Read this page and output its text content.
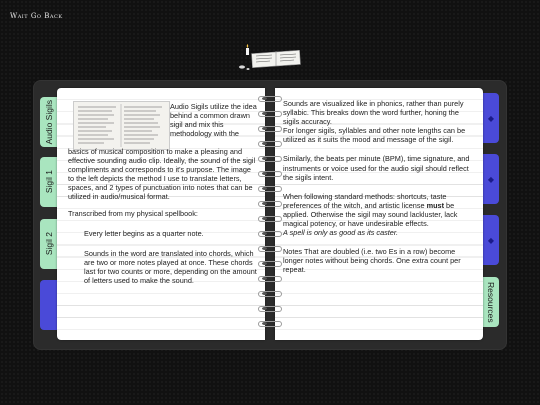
Wait Go Back
Audio Sigils
Sigil 1
Sigil 2
◆
◆
◆
Resources
Audio Sigils utilize the idea behind a common drawn sigil and mix this methodology with the
basics of musical composition to make a pleasing and effective sounding audio clip. Ideally, the sound of the sigil compliments and corresponds to it's purpose. The image to the left depicts the method I use to translate letters, spaces, and 2 types of punctuation into notes that can be utilized in audio/musical format.
Transcribed from my physical spellbook:
Every letter begins as a quarter note.
Sounds in the word are translated into chords, which are two or more notes played at once. These chords last for two counts or more, depending on the amount of letters used to make the sound.
Sounds are visualized like in phonics, rather than purely syllabic. This breaks down the word further, honing the sigils accuracy.
For longer sigils, syllables and other note lengths can be utilized as it suits the mood and message of the sigil.
Similarly, the beats per minute (BPM), time signature, and instruments or voice used for the audio sigil should reflect the sigils intent.
When following standard methods: shortcuts, taste preferences of the witch, and artistic license must be applied. Otherwise the sigil may sound lackluster, lack magical potency, or have undesirable effects.
A spell is only as good as its caster.
Notes That are doubled (i.e. two Es in a row) become longer notes without being chords. One extra count per repeat.
